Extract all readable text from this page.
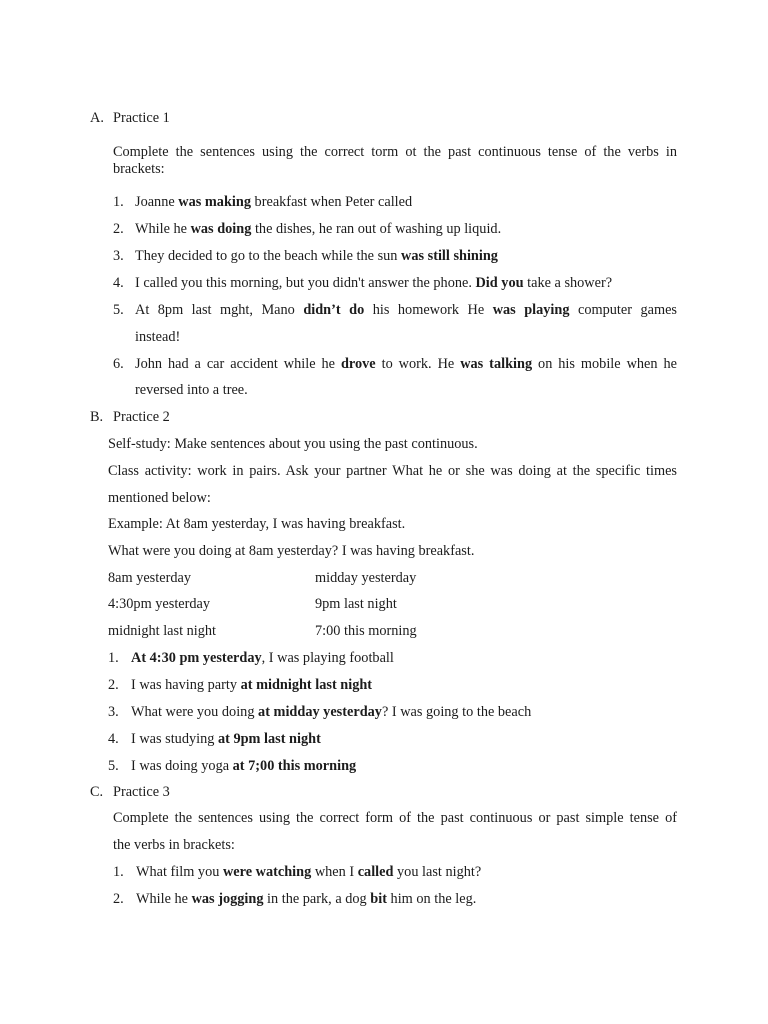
A. Practice 1
Complete the sentences using the correct torm ot the past continuous tense of the verbs in
brackets:
1. Joanne was making breakfast when Peter called
2. While he was doing the dishes, he ran out of washing up liquid.
3. They decided to go to the beach while the sun was still shining
4. I called you this morning, but you didn't answer the phone. Did you take a shower?
5. At 8pm last mght, Mano didn’t do his homework He was playing computer games
instead!
6. John had a car accident while he drove to work. He was talking on his mobile when he
reversed into a tree.
B. Practice 2
Self-study: Make sentences about you using the past continuous.
Class activity: work in pairs. Ask your partner What he or she was doing at the specific times
mentioned below:
Example: At 8am yesterday, I was having breakfast.
What were you doing at 8am yesterday? I was having breakfast.
8am yesterday	midday yesterday
4:30pm yesterday	9pm last night
midnight last night	7:00 this morning
1. At 4:30 pm yesterday, I was playing football
2. I was having party at midnight last night
3. What were you doing at midday yesterday? I was going to the beach
4. I was studying at 9pm last night
5. I was doing yoga at 7;00 this morning
C. Practice 3
Complete the sentences using the correct form of the past continuous or past simple tense of
the verbs in brackets:
1. What film you were watching when I called you last night?
2. While he was jogging in the park, a dog bit him on the leg.
